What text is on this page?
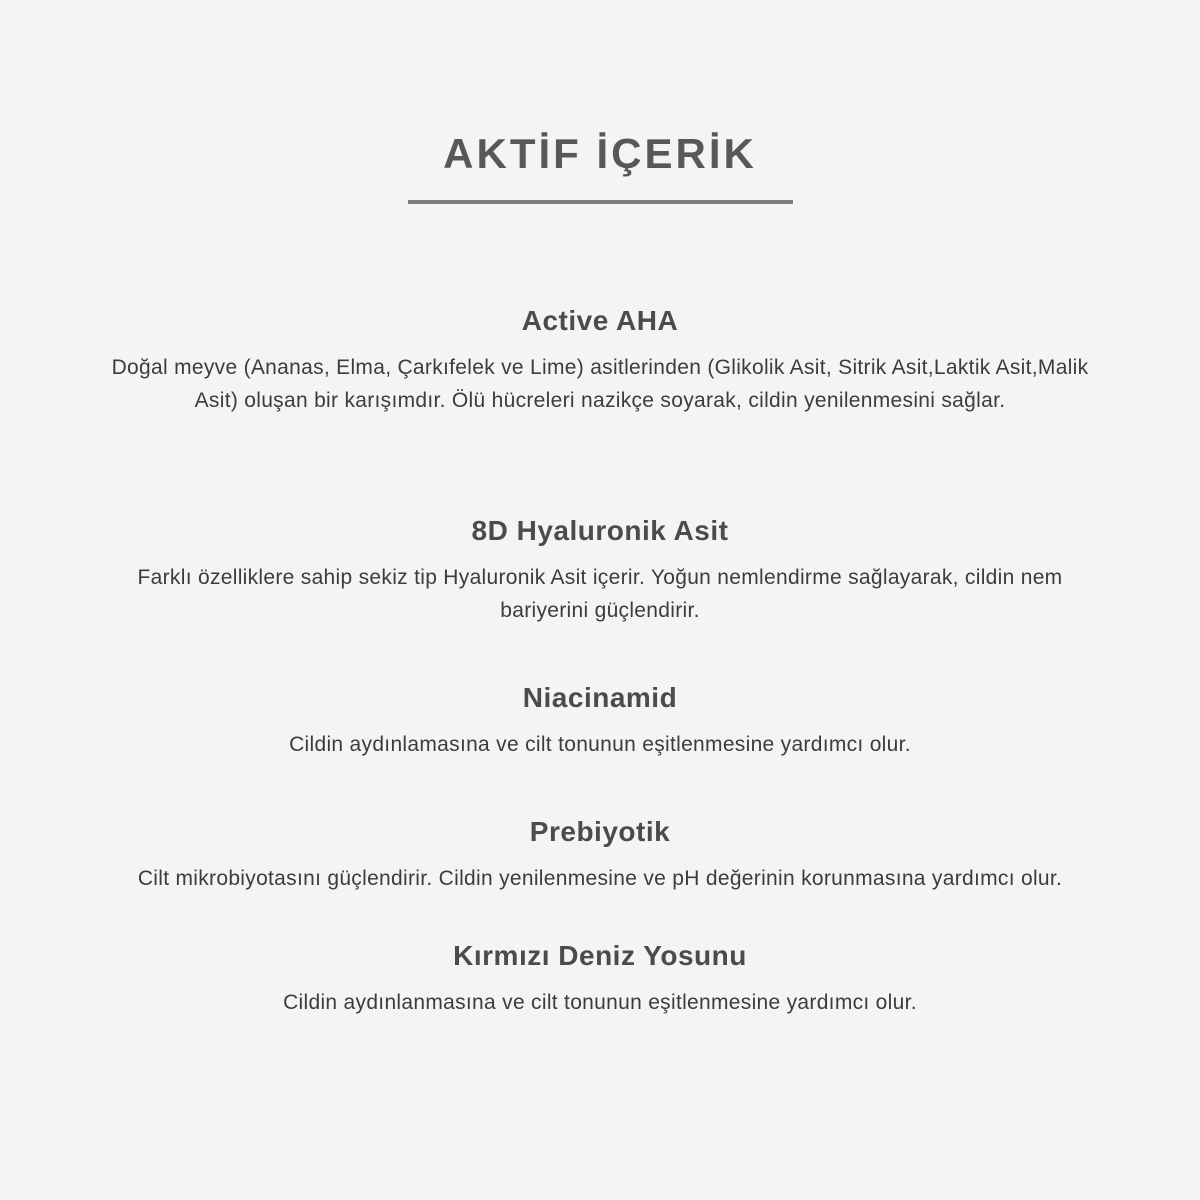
AKTİF İÇERİK
Active AHA

Doğal meyve (Ananas, Elma, Çarkıfelek ve Lime) asitlerinden (Glikolik Asit, Sitrik Asit,Laktik Asit,Malik Asit) oluşan bir karışımdır. Ölü hücreleri nazikçe soyarak, cildin yenilenmesini sağlar.

8D Hyaluronik Asit

Farklı özelliklere sahip sekiz tip Hyaluronik Asit içerir. Yoğun nemlendirme sağlayarak, cildin nem bariyerini güçlendirir.

Niacinamid

Cildin aydınlamasına ve cilt tonunun eşitlenmesine yardımcı olur.

Prebiyotik

Cilt mikrobiyotasını güçlendirir. Cildin yenilenmesine ve pH değerinin korunmasına yardımcı olur.

Kırmızı Deniz Yosunu

Cildin aydınlanmasına ve cilt tonunun eşitlenmesine yardımcı olur.
